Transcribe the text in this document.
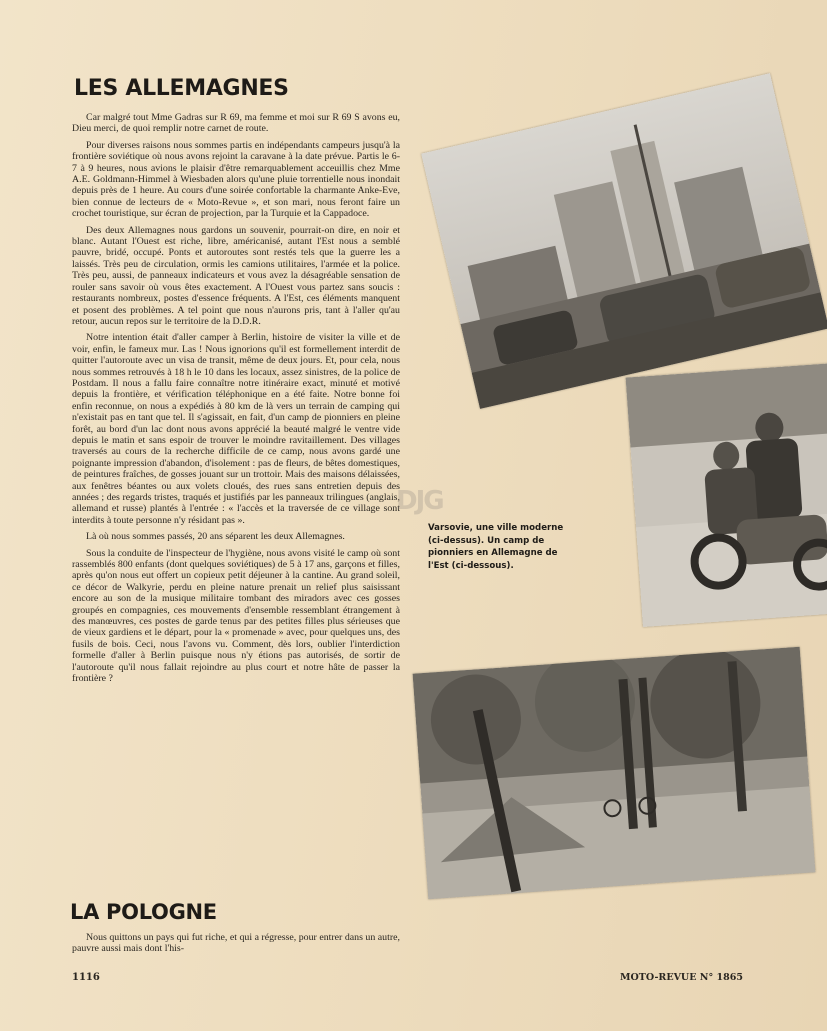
LES ALLEMAGNES

Car malgré tout Mme Gadras sur R 69, ma femme et moi sur R 69 S avons eu, Dieu merci, de quoi remplir notre carnet de route.

Pour diverses raisons nous sommes partis en indépendants campeurs jusqu'à la frontière soviétique où nous avons rejoint la caravane à la date prévue. Partis le 6-7 à 9 heures, nous avions le plaisir d'être remarquablement acceuillis chez Mme A.E. Goldmann-Himmel à Wiesbaden alors qu'une pluie torrentielle nous inondait depuis près de 1 heure. Au cours d'une soirée confortable la charmante Anke-Eve, bien connue de lecteurs de « Moto-Revue », et son mari, nous feront faire un crochet touristique, sur écran de projection, par la Turquie et la Cappadoce.

Des deux Allemagnes nous gardons un souvenir, pourrait-on dire, en noir et blanc. Autant l'Ouest est riche, libre, américanisé, autant l'Est nous a semblé pauvre, bridé, occupé. Ponts et autoroutes sont restés tels que la guerre les a laissés. Très peu de circulation, ormis les camions utilitaires, l'armée et la police. Très peu, aussi, de panneaux indicateurs et vous avez la désagréable sensation de rouler sans savoir où vous êtes exactement. A l'Ouest vous partez sans soucis : restaurants nombreux, postes d'essence fréquents. A l'Est, ces éléments manquent et posent des problèmes. A tel point que nous n'aurons pris, tant à l'aller qu'au retour, aucun repos sur le territoire de la D.D.R.

Notre intention était d'aller camper à Berlin, histoire de visiter la ville et de voir, enfin, le fameux mur. Las ! Nous ignorions qu'il est formellement interdit de quitter l'autoroute avec un visa de transit, même de deux jours. Et, pour cela, nous nous sommes retrouvés à 18 h le 10 dans les locaux, assez sinistres, de la police de Postdam. Il nous a fallu faire connaître notre itinéraire exact, minuté et motivé depuis la frontière, et vérification téléphonique en a été faite. Notre bonne foi enfin reconnue, on nous a expédiés à 80 km de là vers un terrain de camping qui n'existait pas en tant que tel. Il s'agissait, en fait, d'un camp de pionniers en pleine forêt, au bord d'un lac dont nous avons apprécié la beauté malgré le ventre vide depuis le matin et sans espoir de trouver le moindre ravitaillement. Des villages traversés au cours de la recherche difficile de ce camp, nous avons gardé une poignante impression d'abandon, d'isolement : pas de fleurs, de bêtes domestiques, de peintures fraîches, de gosses jouant sur un trottoir. Mais des maisons délaissées, aux fenêtres béantes ou aux volets cloués, des rues sans entretien depuis des années ; des regards tristes, traqués et justifiés par les panneaux trilingues (anglais, allemand et russe) plantés à l'entrée : « l'accès et la traversée de ce village sont interdits à toute personne n'y résidant pas ».

Là où nous sommes passés, 20 ans séparent les deux Allemagnes.

Sous la conduite de l'inspecteur de l'hygiène, nous avons visité le camp où sont rassemblés 800 enfants (dont quelques soviétiques) de 5 à 17 ans, garçons et filles, après qu'on nous eut offert un copieux petit déjeuner à la cantine. Au grand soleil, ce décor de Walkyrie, perdu en pleine nature prenait un relief plus saisissant encore au son de la musique militaire tombant des miradors avec ces gosses groupés en compagnies, ces mouvements d'ensemble ressemblant étrangement à des manœuvres, ces postes de garde tenus par des petites filles plus sérieuses que de vieux gardiens et le départ, pour la « promenade » avec, pour quelques uns, des fusils de bois. Ceci, nous l'avons vu. Comment, dès lors, oublier l'interdiction formelle d'aller à Berlin puisque nous n'y étions pas autorisés, de sortir de l'autoroute qu'il nous fallait rejoindre au plus court et notre hâte de passer la frontière ?

LA POLOGNE

Nous quittons un pays qui fut riche, et qui a régresse, pour entrer dans un autre, pauvre aussi mais dont l'his-

Varsovie, une ville moderne (ci-dessus). Un camp de pionniers en Allemagne de l'Est (ci-dessous).
DJG
1116	MOTO-REVUE N° 1865
